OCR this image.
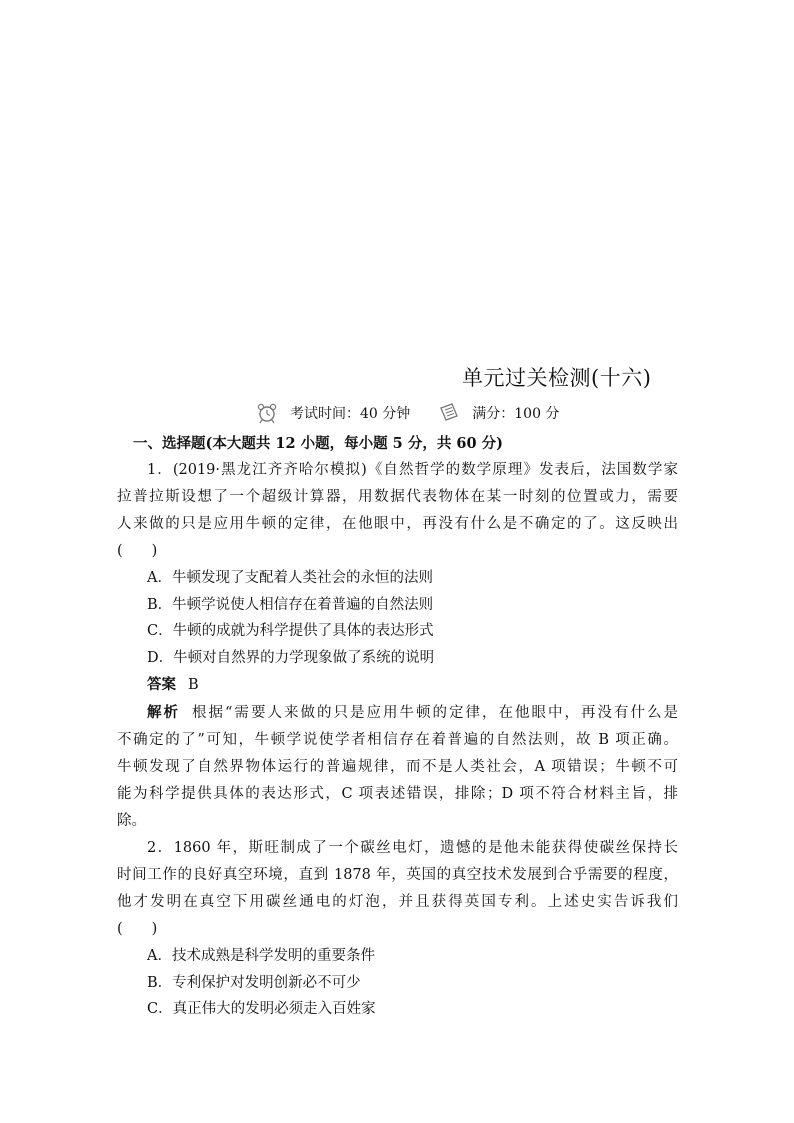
单元过关检测(十六)
考试时间：40 分钟	满分：100 分
一、选择题(本大题共 12 小题，每小题 5 分，共 60 分)
1．(2019·黑龙江齐齐哈尔模拟)《自然哲学的数学原理》发表后，法国数学家
拉普拉斯设想了一个超级计算器，用数据代表物体在某一时刻的位置或力，需要
人来做的只是应用牛顿的定律，在他眼中，再没有什么是不确定的了。这反映出
(　　)
A．牛顿发现了支配着人类社会的永恒的法则
B．牛顿学说使人相信存在着普遍的自然法则
C．牛顿的成就为科学提供了具体的表达形式
D．牛顿对自然界的力学现象做了系统的说明
答案 B
解析 根据“需要人来做的只是应用牛顿的定律，在他眼中，再没有什么是
不确定的了”可知，牛顿学说使学者相信存在着普遍的自然法则，故 B 项正确。
牛顿发现了自然界物体运行的普遍规律，而不是人类社会，A 项错误；牛顿不可
能为科学提供具体的表达形式，C 项表述错误，排除；D 项不符合材料主旨，排
除。
2．1860 年，斯旺制成了一个碳丝电灯，遗憾的是他未能获得使碳丝保持长
时间工作的良好真空环境，直到 1878 年，英国的真空技术发展到合乎需要的程度，
他才发明在真空下用碳丝通电的灯泡，并且获得英国专利。上述史实告诉我们
(　　)
A．技术成熟是科学发明的重要条件
B．专利保护对发明创新必不可少
C．真正伟大的发明必须走入百姓家
